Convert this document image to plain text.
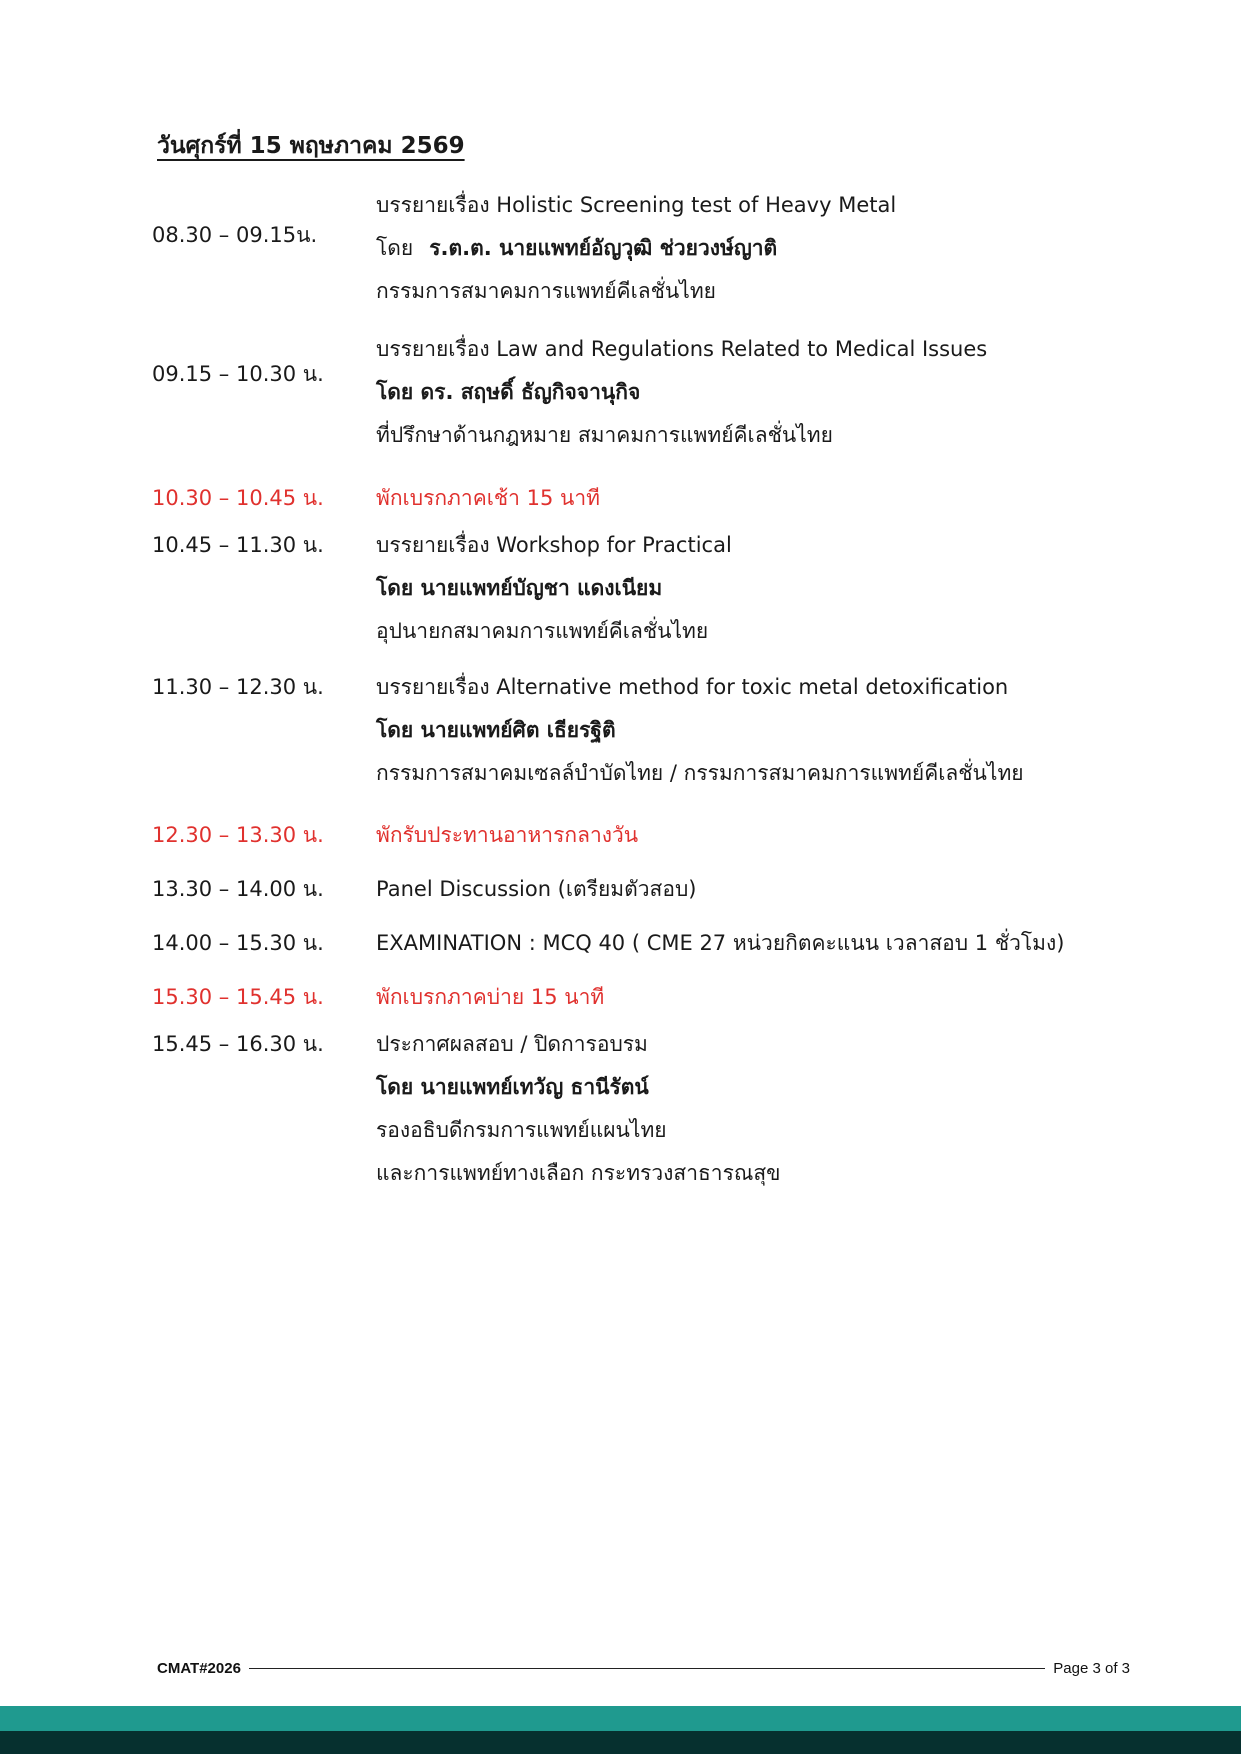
วันศุกร์ที่ 15 พฤษภาคม 2569
08.30 – 09.15น.
บรรยายเรื่อง Holistic Screening test of Heavy Metal
โดย ร.ต.ต. นายแพทย์อัญวุฒิ ช่วยวงษ์ญาติ
กรรมการสมาคมการแพทย์คีเลชั่นไทย
09.15 – 10.30 น.
บรรยายเรื่อง Law and Regulations Related to Medical Issues
โดย ดร. สฤษดิ์ ธัญกิจจานุกิจ
ที่ปรึกษาด้านกฎหมาย สมาคมการแพทย์คีเลชั่นไทย
10.30 – 10.45 น. พักเบรกภาคเช้า 15 นาที
10.45 – 11.30 น. บรรยายเรื่อง Workshop for Practical
โดย นายแพทย์บัญชา แดงเนียม
อุปนายกสมาคมการแพทย์คีเลชั่นไทย
11.30 – 12.30 น. บรรยายเรื่อง Alternative method for toxic metal detoxification
โดย นายแพทย์ศิต เธียรฐิติ
กรรมการสมาคมเซลล์บำบัดไทย / กรรมการสมาคมการแพทย์คีเลชั่นไทย
12.30 – 13.30 น. พักรับประทานอาหารกลางวัน
13.30 – 14.00 น. Panel Discussion (เตรียมตัวสอบ)
14.00 – 15.30 น. EXAMINATION : MCQ 40 ( CME 27 หน่วยกิตคะแนน เวลาสอบ 1 ชั่วโมง)
15.30 – 15.45 น. พักเบรกภาคบ่าย 15 นาที
15.45 – 16.30 น. ประกาศผลสอบ / ปิดการอบรม
โดย นายแพทย์เทวัญ ธานีรัตน์
รองอธิบดีกรมการแพทย์แผนไทย
และการแพทย์ทางเลือก กระทรวงสาธารณสุข
CMAT#2026	Page 3 of 3
